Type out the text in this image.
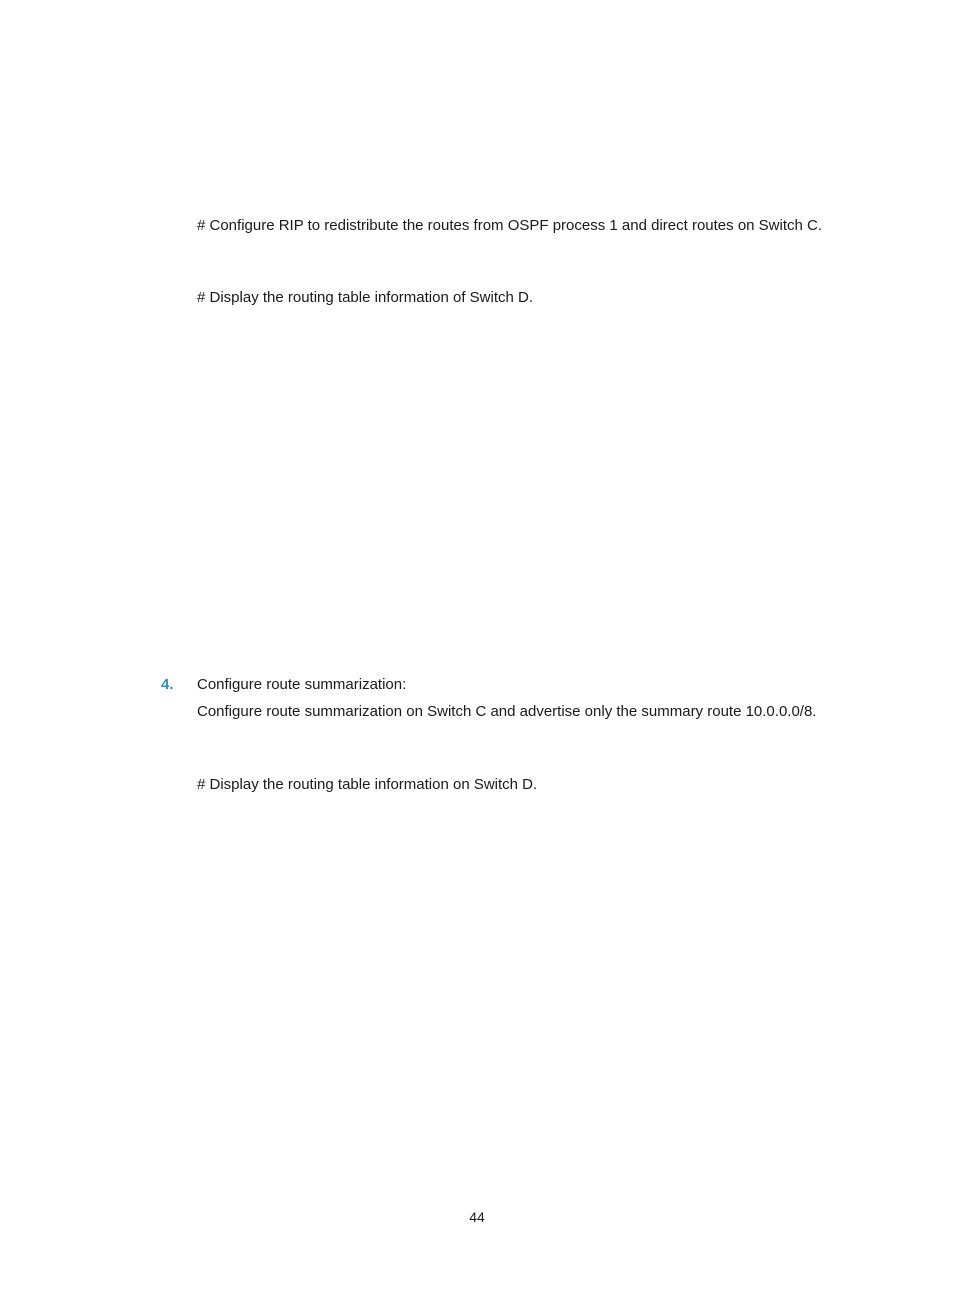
# Configure RIP to redistribute the routes from OSPF process 1 and direct routes on Switch C.
# Display the routing table information of Switch D.
4. Configure route summarization:
Configure route summarization on Switch C and advertise only the summary route 10.0.0.0/8.
# Display the routing table information on Switch D.
44
